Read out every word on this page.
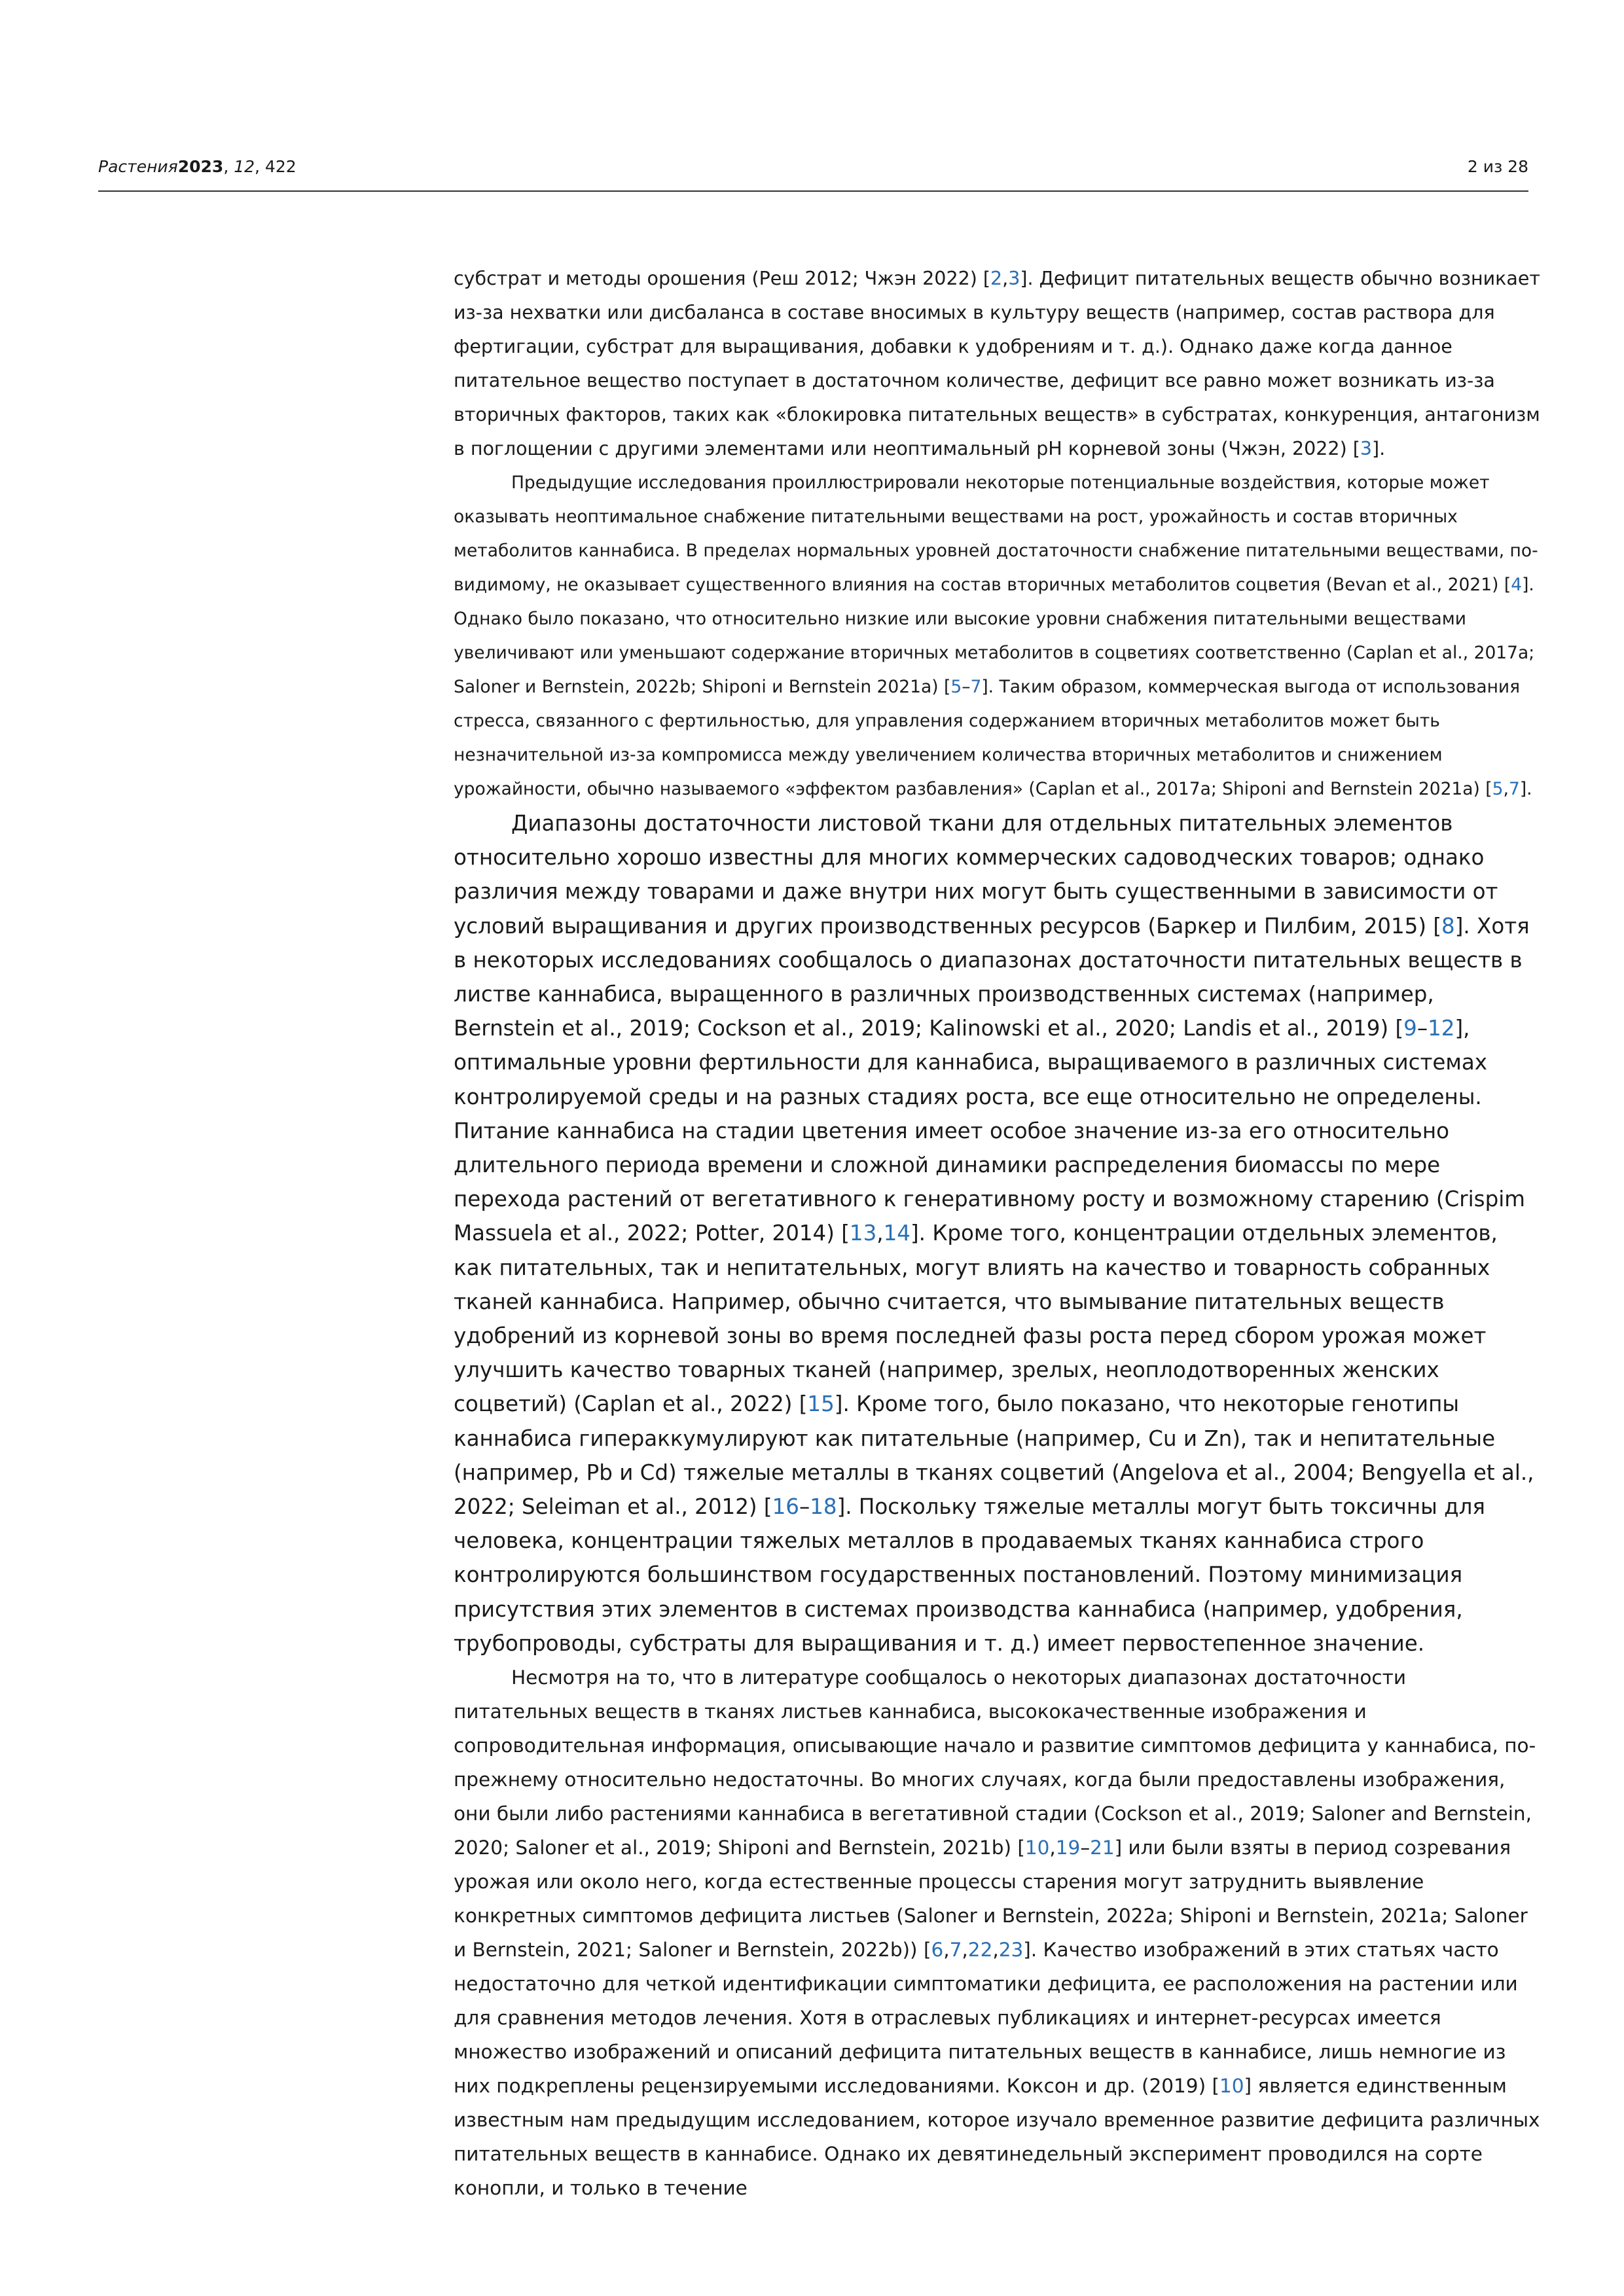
Растения2023, 12, 422	2 из 28

субстрат и методы орошения (Реш 2012; Чжэн 2022) [2,3]. Дефицит питательных веществ обычно возникает из-за нехватки или дисбаланса в составе вносимых в культуру веществ (например, состав раствора для фертигации, субстрат для выращивания, добавки к удобрениям и т. д.). Однако даже когда данное питательное вещество поступает в достаточном количестве, дефицит все равно может возникать из-за вторичных факторов, таких как «блокировка питательных веществ» в субстратах, конкуренция, антагонизм в поглощении с другими элементами или неоптимальный pH корневой зоны (Чжэн, 2022) [3].

Предыдущие исследования проиллюстрировали некоторые потенциальные воздействия, которые может оказывать неоптимальное снабжение питательными веществами на рост, урожайность и состав вторичных метаболитов каннабиса. В пределах нормальных уровней достаточности снабжение питательными веществами, по-видимому, не оказывает существенного влияния на состав вторичных метаболитов соцветия (Bevan et al., 2021) [4]. Однако было показано, что относительно низкие или высокие уровни снабжения питательными веществами увеличивают или уменьшают содержание вторичных метаболитов в соцветиях соответственно (Caplan et al., 2017a; Saloner и Bernstein, 2022b; Shiponi и Bernstein 2021a) [5–7]. Таким образом, коммерческая выгода от использования стресса, связанного с фертильностью, для управления содержанием вторичных метаболитов может быть незначительной из-за компромисса между увеличением количества вторичных метаболитов и снижением урожайности, обычно называемого «эффектом разбавления» (Caplan et al., 2017a; Shiponi and Bernstein 2021a) [5,7].

Диапазоны достаточности листовой ткани для отдельных питательных элементов относительно хорошо известны для многих коммерческих садоводческих товаров; однако различия между товарами и даже внутри них могут быть существенными в зависимости от условий выращивания и других производственных ресурсов (Баркер и Пилбим, 2015) [8]. Хотя в некоторых исследованиях сообщалось о диапазонах достаточности питательных веществ в листве каннабиса, выращенного в различных производственных системах (например, Bernstein et al., 2019; Cockson et al., 2019; Kalinowski et al., 2020; Landis et al., 2019) [9–12], оптимальные уровни фертильности для каннабиса, выращиваемого в различных системах контролируемой среды и на разных стадиях роста, все еще относительно не определены. Питание каннабиса на стадии цветения имеет особое значение из-за его относительно длительного периода времени и сложной динамики распределения биомассы по мере перехода растений от вегетативного к генеративному росту и возможному старению (Crispim Massuela et al., 2022; Potter, 2014) [13,14]. Кроме того, концентрации отдельных элементов, как питательных, так и непитательных, могут влиять на качество и товарность собранных тканей каннабиса. Например, обычно считается, что вымывание питательных веществ удобрений из корневой зоны во время последней фазы роста перед сбором урожая может улучшить качество товарных тканей (например, зрелых, неоплодотворенных женских соцветий) (Caplan et al., 2022) [15]. Кроме того, было показано, что некоторые генотипы каннабиса гипераккумулируют как питательные (например, Cu и Zn), так и непитательные (например, Pb и Cd) тяжелые металлы в тканях соцветий (Angelova et al., 2004; Bengyella et al., 2022; Seleiman et al., 2012) [16–18]. Поскольку тяжелые металлы могут быть токсичны для человека, концентрации тяжелых металлов в продаваемых тканях каннабиса строго контролируются большинством государственных постановлений. Поэтому минимизация присутствия этих элементов в системах производства каннабиса (например, удобрения, трубопроводы, субстраты для выращивания и т. д.) имеет первостепенное значение.

Несмотря на то, что в литературе сообщалось о некоторых диапазонах достаточности питательных веществ в тканях листьев каннабиса, высококачественные изображения и сопроводительная информация, описывающие начало и развитие симптомов дефицита у каннабиса, по-прежнему относительно недостаточны. Во многих случаях, когда были предоставлены изображения, они были либо растениями каннабиса в вегетативной стадии (Cockson et al., 2019; Saloner and Bernstein, 2020; Saloner et al., 2019; Shiponi and Bernstein, 2021b) [10,19–21] или были взяты в период созревания урожая или около него, когда естественные процессы старения могут затруднить выявление конкретных симптомов дефицита листьев (Saloner и Bernstein, 2022a; Shiponi и Bernstein, 2021a; Saloner и Bernstein, 2021; Saloner и Bernstein, 2022b)) [6,7,22,23]. Качество изображений в этих статьях часто недостаточно для четкой идентификации симптоматики дефицита, ее расположения на растении или для сравнения методов лечения. Хотя в отраслевых публикациях и интернет-ресурсах имеется множество изображений и описаний дефицита питательных веществ в каннабисе, лишь немногие из них подкреплены рецензируемыми исследованиями. Коксон и др. (2019) [10] является единственным известным нам предыдущим исследованием, которое изучало временное развитие дефицита различных питательных веществ в каннабисе. Однако их девятинедельный эксперимент проводился на сорте конопли, и только в течение
